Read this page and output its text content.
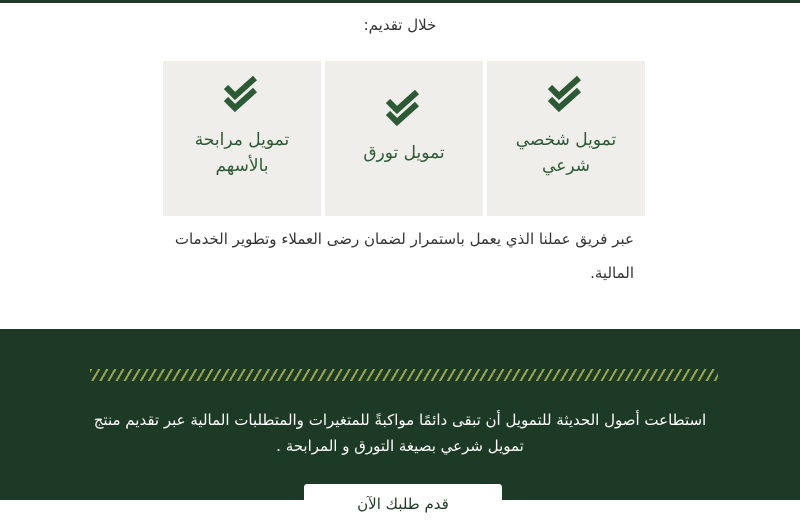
خلال تقديم:
تمويل شخصي
شرعي
تمويل تورق
تمويل مرابحة
بالأسهم
عبر فريق عملنا الذي يعمل باستمرار لضمان رضى العملاء وتطوير الخدمات
المالية.
استطاعت أصول الحديثة للتمويل أن تبقى دائمًا مواكبةً للمتغيرات والمتطلبات المالية عبر تقديم منتج
تمويل شرعي بصيغة التورق و المرابحة .
قدم طلبك الآن
